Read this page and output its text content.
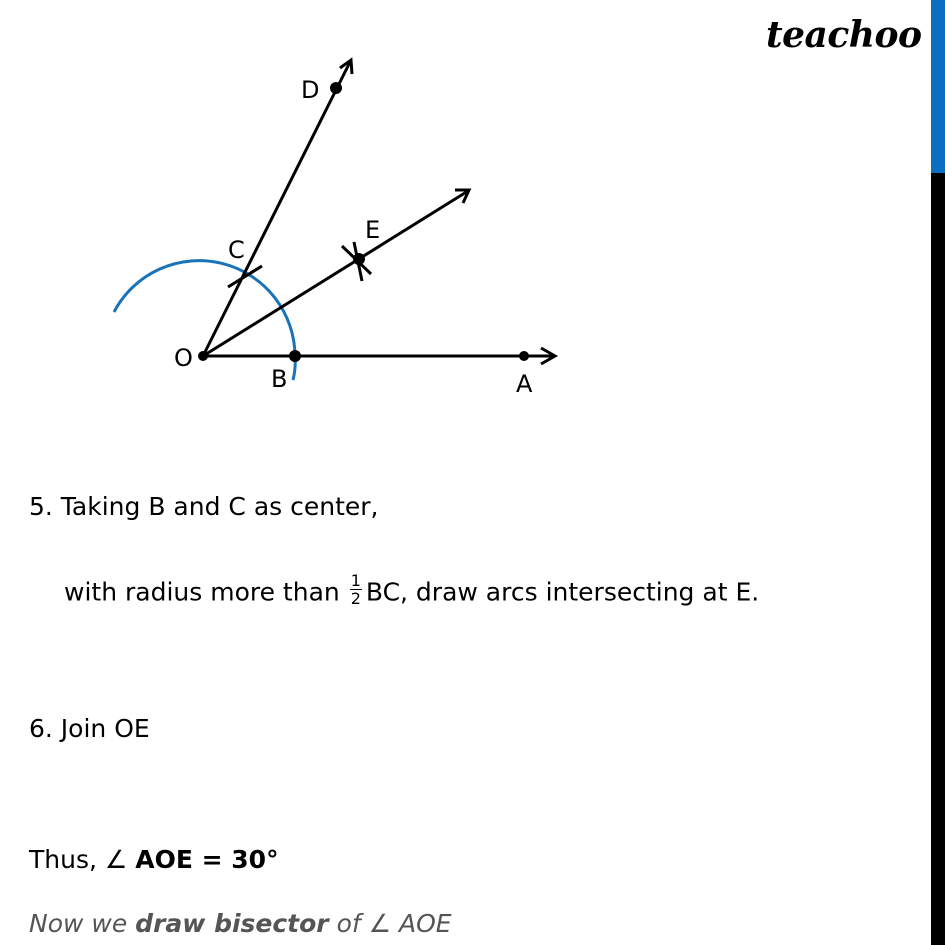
teachoo
O
B	A
C
D
E
5. Taking B and C as center,
with radius more than $\frac{1}{2}$ BC, draw arcs intersecting at E.
6. Join OE
Thus, ∠ AOE = 30°
Now we draw bisector of ∠ AOE
